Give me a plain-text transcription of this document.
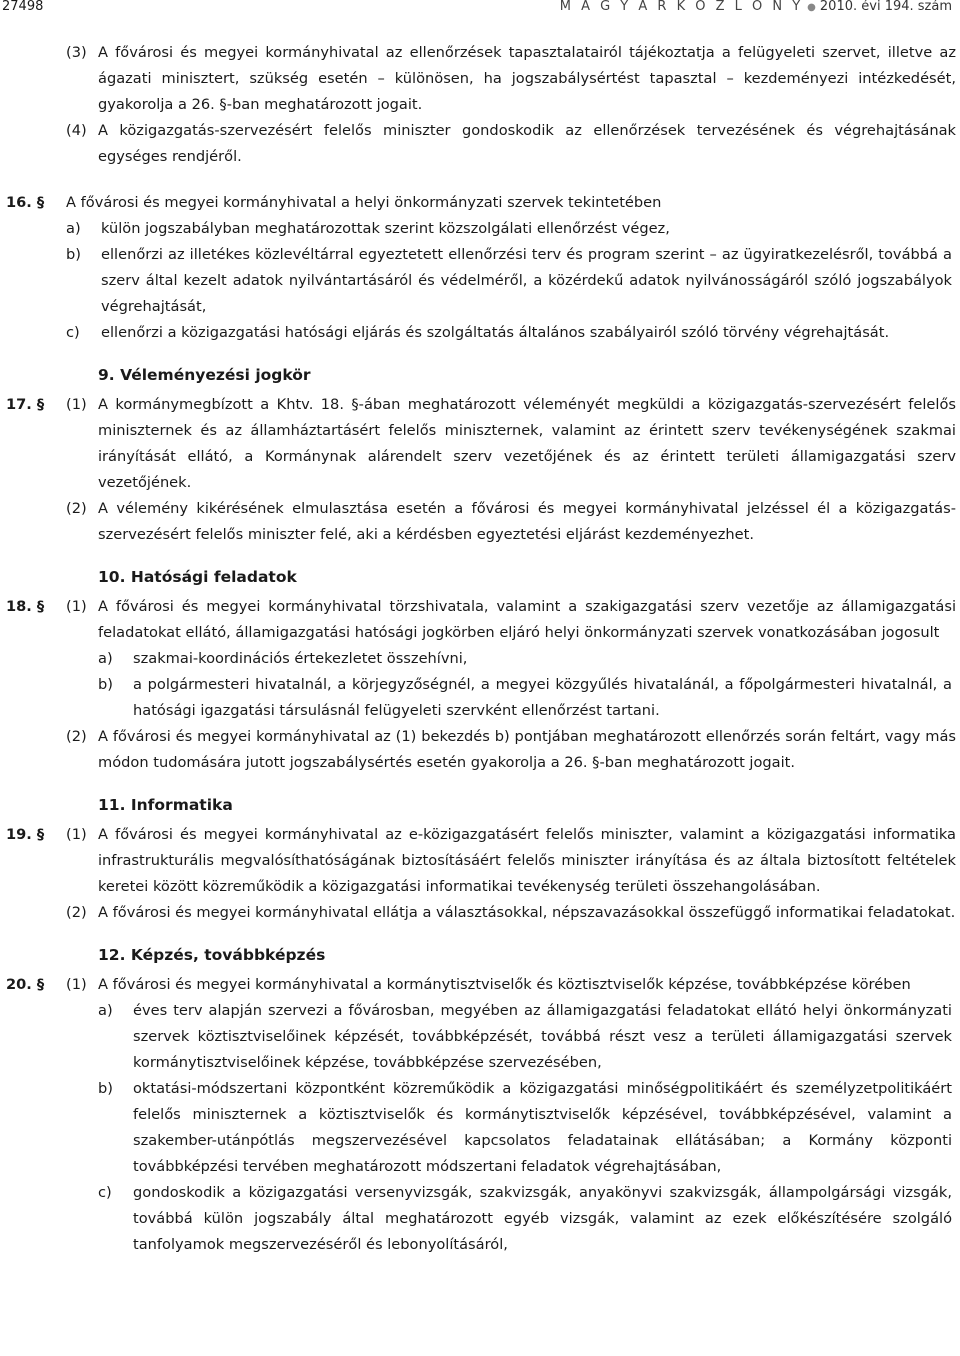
27498	M A G Y A R K Ö Z L Ö N Y ● 2010. évi 194. szám
(3) A fővárosi és megyei kormányhivatal az ellenőrzések tapasztalatairól tájékoztatja a felügyeleti szervet, illetve az ágazati minisztert, szükség esetén – különösen, ha jogszabálysértést tapasztal – kezdeményezi intézkedését, gyakorolja a 26. §-ban meghatározott jogait.
(4) A közigazgatás-szervezésért felelős miniszter gondoskodik az ellenőrzések tervezésének és végrehajtásának egységes rendjéről.
16. §	A fővárosi és megyei kormányhivatal a helyi önkormányzati szervek tekintetében
a)	külön jogszabályban meghatározottak szerint közszolgálati ellenőrzést végez,
b)	ellenőrzi az illetékes közlevéltárral egyeztetett ellenőrzési terv és program szerint – az ügyiratkezelésről, továbbá a szerv által kezelt adatok nyilvántartásáról és védelméről, a közérdekű adatok nyilvánosságáról szóló jogszabályok végrehajtását,
c)	ellenőrzi a közigazgatási hatósági eljárás és szolgáltatás általános szabályairól szóló törvény végrehajtását.
9. Véleményezési jogkör
17. §	(1) A kormánymegbízott a Khtv. 18. §-ában meghatározott véleményét megküldi a közigazgatás-szervezésért felelős miniszternek és az államháztartásért felelős miniszternek, valamint az érintett szerv tevékenységének szakmai irányítását ellátó, a Kormánynak alárendelt szerv vezetőjének és az érintett területi államigazgatási szerv vezetőjének.
(2) A vélemény kikérésének elmulasztása esetén a fővárosi és megyei kormányhivatal jelzéssel él a közigazgatás-szervezésért felelős miniszter felé, aki a kérdésben egyeztetési eljárást kezdeményezhet.
10. Hatósági feladatok
18. §	(1) A fővárosi és megyei kormányhivatal törzshivatala, valamint a szakigazgatási szerv vezetője az államigazgatási feladatokat ellátó, államigazgatási hatósági jogkörben eljáró helyi önkormányzati szervek vonatkozásában jogosult
a)	szakmai-koordinációs értekezletet összehívni,
b)	a polgármesteri hivatalnál, a körjegyzőségnél, a megyei közgyűlés hivatalánál, a főpolgármesteri hivatalnál, a hatósági igazgatási társulásnál felügyeleti szervként ellenőrzést tartani.
(2) A fővárosi és megyei kormányhivatal az (1) bekezdés b) pontjában meghatározott ellenőrzés során feltárt, vagy más módon tudomására jutott jogszabálysértés esetén gyakorolja a 26. §-ban meghatározott jogait.
11. Informatika
19. §	(1) A fővárosi és megyei kormányhivatal az e-közigazgatásért felelős miniszter, valamint a közigazgatási informatika infrastrukturális megvalósíthatóságának biztosításáért felelős miniszter irányítása és az általa biztosított feltételek keretei között közreműködik a közigazgatási informatikai tevékenység területi összehangolásában.
(2) A fővárosi és megyei kormányhivatal ellátja a választásokkal, népszavazásokkal összefüggő informatikai feladatokat.
12. Képzés, továbbképzés
20. §	(1) A fővárosi és megyei kormányhivatal a kormánytisztviselők és köztisztviselők képzése, továbbképzése körében
a)	éves terv alapján szervezi a fővárosban, megyében az államigazgatási feladatokat ellátó helyi önkormányzati szervek köztisztviselőinek képzését, továbbképzését, továbbá részt vesz a területi államigazgatási szervek kormánytisztviselőinek képzése, továbbképzése szervezésében,
b)	oktatási-módszertani központként közreműködik a közigazgatási minőségpolitikáért és személyzetpolitikáért felelős miniszternek a köztisztviselők és kormánytisztviselők képzésével, továbbképzésével, valamint a szakember-utánpótlás megszervezésével kapcsolatos feladatainak ellátásában; a Kormány központi továbbképzési tervében meghatározott módszertani feladatok végrehajtásában,
c)	gondoskodik a közigazgatási versenyvizsgák, szakvizsgák, anyakönyvi szakvizsgák, állampolgársági vizsgák, továbbá külön jogszabály által meghatározott egyéb vizsgák, valamint az ezek előkészítésére szolgáló tanfolyamok megszervezéséről és lebonyolításáról,
